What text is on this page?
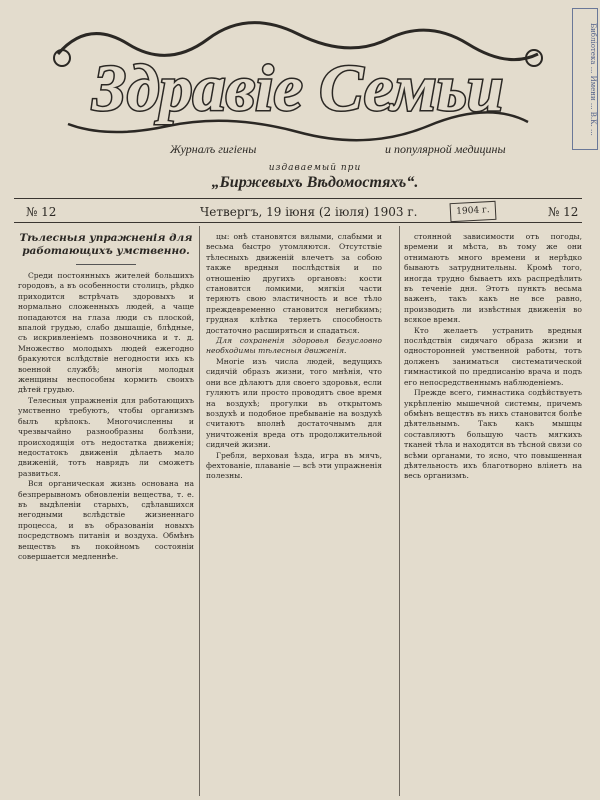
Здравіе Семьи	Библіотека ... Имени ... В.К. ...
Журналъ гигіены	и популярной медицины
издаваемый при
„Биржевыхъ Вѣдомостяхъ“.
№ 12	Четвергъ, 19 іюня (2 іюля) 1903 г.	1904 г.	№ 12
Тѣлесныя упражненія для работающихъ умственно.

Среди постоянныхъ жителей большихъ городовъ, а въ особенности столицъ, рѣдко приходится встрѣчать здоровыхъ и нормально сложенныхъ людей, а чаще попадаются на глаза люди съ плоской, впалой грудью, слабо дышащіе, блѣдные, съ искривленіемъ позвоночника и т. д. Множество молодыхъ людей ежегодно бракуются вслѣдствіе негодности ихъ къ военной службѣ; многія молодыя женщины неспособны кормить своихъ дѣтей грудью.

Телесныя упражненія для работающихъ умственно требуютъ, чтобы организмъ былъ крѣпокъ. Многочисленны и чрезвычайно разнообразны болѣзни, происходящія отъ недостатка движенія; недостатокъ движенія дѣлаетъ мало движеній, тотъ наврядъ ли сможетъ развиться.

Вся органическая жизнь основана на безпрерывномъ обновленіи вещества, т. е. въ выдѣленіи старыхъ, сдѣлавшихся негодными вслѣдствіе жизненнаго процесса, и въ образованіи новыхъ посредствомъ питанія и воздуха. Обмѣнъ веществъ въ покойномъ состояніи совершается медленнѣе.

цы: онѣ становятся вялыми, слабыми и весьма быстро утомляются. Отсутствіе тѣлесныхъ движеній влечетъ за собою также вредныя послѣдствія и по отношенію другихъ органовъ: кости становятся ломкими, мягкія части теряютъ свою эластичность и все тѣло преждевременно становится негибкимъ; грудная клѣтка теряетъ способность достаточно расширяться и спадаться.

Для сохраненія здоровья безусловно необходимы тѣлесныя движенія.

Многіе изъ числа людей, ведущихъ сидячій образъ жизни, того мнѣнія, что они все дѣлаютъ для своего здоровья, если гуляютъ или просто проводятъ свое время на воздухѣ; прогулки въ открытомъ воздухѣ и подобное пребываніе на воздухѣ считаютъ вполнѣ достаточнымъ для уничтоженія вреда отъ продолжительной сидячей жизни.

Гребля, верховая ѣзда, игра въ мячъ, фехтованіе, плаваніе — всѣ эти упражненія полезны.

стоянной зависимости отъ погоды, времени и мѣста, въ тому же они отнимаютъ много времени и нерѣдко бываютъ затруднительны. Кромѣ того, иногда трудно бываетъ ихъ распредѣлить въ теченіе дня. Этотъ пунктъ весьма важенъ, такъ какъ не все равно, производить ли извѣстныя движенія во всякое время.

Кто желаетъ устранить вредныя послѣдствія сидячаго образа жизни и односторонней умственной работы, тотъ долженъ заниматься систематической гимнастикой по предписанію врача и подъ его непосредственнымъ наблюденіемъ.

Прежде всего, гимнастика содѣйствуетъ укрѣпленію мышечной системы, причемъ обмѣнъ веществъ въ нихъ становится болѣе дѣятельнымъ. Такъ какъ мышцы составляютъ большую часть мягкихъ тканей тѣла и находятся въ тѣсной связи со всѣми органами, то ясно, что повышенная дѣятельность ихъ благотворно вліяетъ на весь организмъ.
